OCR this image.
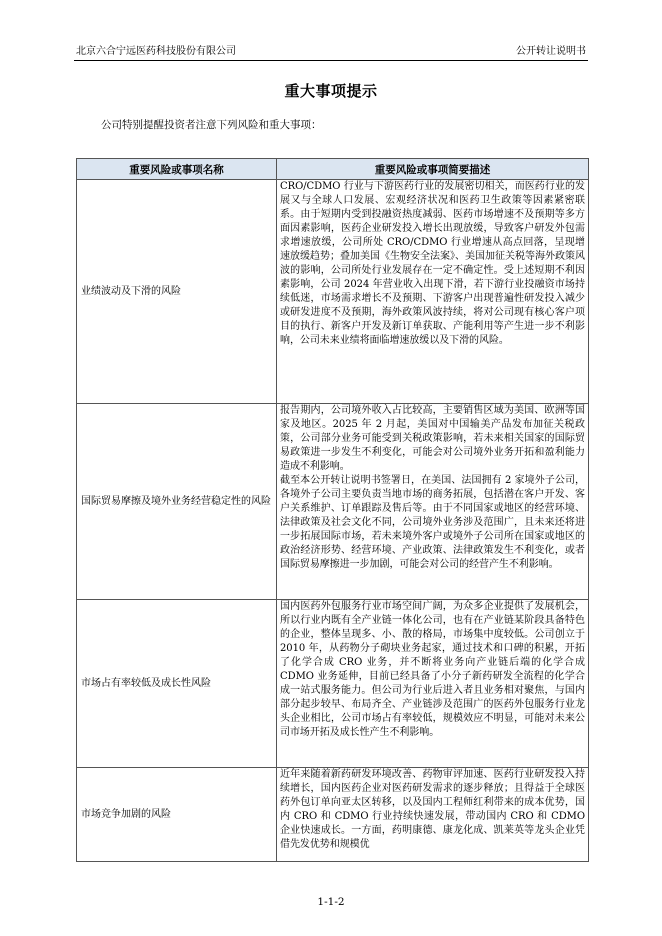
北京六合宁远医药科技股份有限公司	公开转让说明书
重大事项提示
公司特别提醒投资者注意下列风险和重大事项：
重要风险或事项名称	重要风险或事项简要描述
业绩波动及下滑的风险	CRO/CDMO 行业与下游医药行业的发展密切相关，而医药行业的发展又与全球人口发展、宏观经济状况和医药卫生政策等因素紧密联系。由于短期内受到投融资热度减弱、医药市场增速不及预期等多方面因素影响，医药企业研发投入增长出现放缓，导致客户研发外包需求增速放缓，公司所处 CRO/CDMO 行业增速从高点回落，呈现增速放缓趋势；叠加美国《生物安全法案》、美国加征关税等海外政策风波的影响，公司所处行业发展存在一定不确定性。受上述短期不利因素影响，公司 2024 年营业收入出现下滑，若下游行业投融资市场持续低迷，市场需求增长不及预期、下游客户出现普遍性研发投入减少或研发进度不及预期，海外政策风波持续，将对公司现有核心客户项目的执行、新客户开发及新订单获取、产能利用等产生进一步不利影响，公司未来业绩将面临增速放缓以及下滑的风险。

国际贸易摩擦及境外业务经营稳定性的风险	报告期内，公司境外收入占比较高，主要销售区域为美国、欧洲等国家及地区。2025 年 2 月起，美国对中国输美产品发布加征关税政策，公司部分业务可能受到关税政策影响，若未来相关国家的国际贸易政策进一步发生不利变化，可能会对公司境外业务开拓和盈利能力造成不利影响。

截至本公开转让说明书签署日，在美国、法国拥有 2 家境外子公司，各境外子公司主要负责当地市场的商务拓展，包括潜在客户开发、客户关系维护、订单跟踪及售后等。由于不同国家或地区的经营环境、法律政策及社会文化不同，公司境外业务涉及范围广，且未来还将进一步拓展国际市场，若未来境外客户或境外子公司所在国家或地区的政治经济形势、经营环境、产业政策、法律政策发生不利变化，或者国际贸易摩擦进一步加剧，可能会对公司的经营产生不利影响。

市场占有率较低及成长性风险	国内医药外包服务行业市场空间广阔，为众多企业提供了发展机会，所以行业内既有全产业链一体化公司，也有在产业链某阶段具备特色的企业，整体呈现多、小、散的格局，市场集中度较低。公司创立于 2010 年，从药物分子砌块业务起家，通过技术和口碑的积累，开拓了化学合成 CRO 业务，并不断将业务向产业链后端的化学合成 CDMO 业务延伸，目前已经具备了小分子新药研发全流程的化学合成一站式服务能力。但公司为行业后进入者且业务相对聚焦，与国内部分起步较早、布局齐全、产业链涉及范围广的医药外包服务行业龙头企业相比，公司市场占有率较低，规模效应不明显，可能对未来公司市场开拓及成长性产生不利影响。

市场竞争加剧的风险	近年来随着新药研发环境改善、药物审评加速、医药行业研发投入持续增长，国内医药企业对医药研发需求的逐步释放；且得益于全球医药外包订单向亚太区转移，以及国内工程师红利带来的成本优势，国内 CRO 和 CDMO 行业持续快速发展，带动国内 CRO 和 CDMO 企业快速成长。一方面，药明康德、康龙化成、凯莱英等龙头企业凭借先发优势和规模优

1-1-2
